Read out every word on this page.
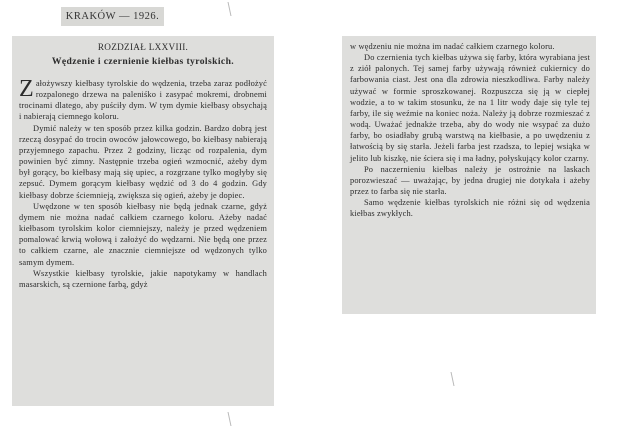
KRAKÓW — 1926.
ROZDZIAŁ LXXVIII.
Wędzenie i czernienie kiełbas tyrolskich.

Założywszy kiełbasy tyrolskie do wędzenia, trzeba zaraz podłożyć rozpalonego drzewa na paleniśko i zasypać mokremi, drobnemi trocinami dlatego, aby puściły dym. W tym dymie kiełbasy obsychają i nabierają ciemnego koloru.

Dymić należy w ten sposób przez kilka godzin. Bardzo dobrą jest rzeczą dosypać do trocin owoców jałowcowego, bo kiełbasy nabierają przyjemnego zapachu. Przez 2 godziny, licząc od rozpalenia, dym powinien być zimny. Następnie trzeba ogień wzmocnić, ażeby dym był gorący, bo kiełbasy mają się upiec, a rozgrzane tylko mogłyby się zepsuć. Dymem gorącym kiełbasy wędzić od 3 do 4 godzin. Gdy kiełbasy dobrze ściemnieją, zwiększa się ogień, ażeby je dopiec.

Uwędzone w ten sposób kiełbasy nie będą jednak czarne, gdyż dymem nie można nadać całkiem czarnego koloru. Ażeby nadać kiełbasom tyrolskim kolor ciemniejszy, należy je przed wędzeniem pomalować krwią wołową i założyć do wędzarni. Nie będą one przez to całkiem czarne, ale znacznie ciemniejsze od wędzonych tylko samym dymem.

Wszystkie kiełbasy tyrolskie, jakie napotykamy w handlach masarskich, są czernione farbą, gdyż

w wędzeniu nie można im nadać całkiem czarnego koloru.

Do czernienia tych kiełbas używa się farby, która wyrabiana jest z ziół palonych. Tej samej farby używają również cukiernicy do farbowania ciast. Jest ona dla zdrowia nieszkodliwa. Farby należy używać w formie sproszkowanej. Rozpuszcza się ją w ciepłej wodzie, a to w takim stosunku, że na 1 litr wody daje się tyle tej farby, ile się weźmie na koniec noża. Należy ją dobrze rozmieszać z wodą. Uważać jednakże trzeba, aby do wody nie wsypać za dużo farby, bo osiadłaby grubą warstwą na kiełbasie, a po uwędzeniu z łatwością by się starła. Jeżeli farba jest rzadsza, to lepiej wsiąka w jelito lub kiszkę, nie ściera się i ma ładny, połyskujący kolor czarny.

Po naczernieniu kiełbas należy je ostrożnie na laskach porozwieszać — uważając, by jedna drugiej nie dotykała i ażeby przez to farba się nie starła.

Samo wędzenie kiełbas tyrolskich nie różni się od wędzenia kiełbas zwykłych.
